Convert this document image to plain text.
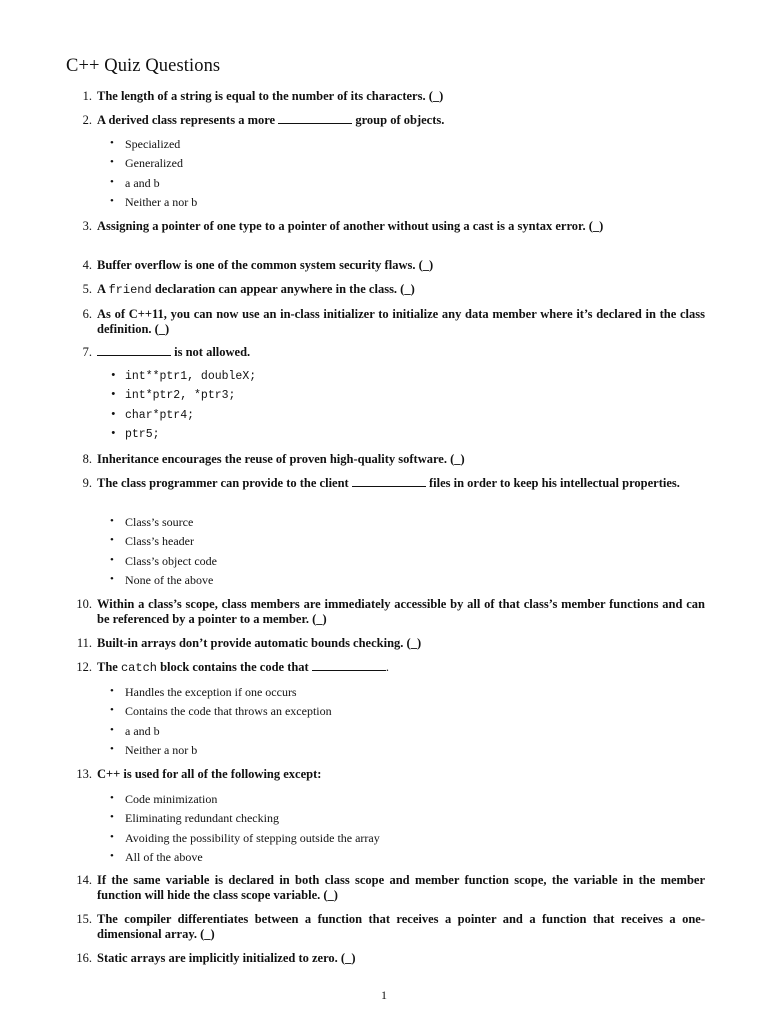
C++ Quiz Questions
1. The length of a string is equal to the number of its characters. (_)
2. A derived class represents a more	group of objects.
• Specialized
• Generalized
• a and b
• Neither a nor b
3. Assigning a pointer of one type to a pointer of another without using a cast is a syntax error. (_)
4. Buffer overflow is one of the common system security flaws. (_)
5. A friend declaration can appear anywhere in the class. (_)
6. As of C++11, you can now use an in-class initializer to initialize any data member where it’s declared in the class definition. (_)
7.	is not allowed.
• int**ptr1, doubleX;
• int*ptr2, *ptr3;
• char*ptr4;
• ptr5;
8. Inheritance encourages the reuse of proven high-quality software. (_)
9. The class programmer can provide to the client	files in order to keep his intellectual properties.
• Class’s source
• Class’s header
• Class’s object code
• None of the above
10. Within a class’s scope, class members are immediately accessible by all of that class’s member functions and can be referenced by a pointer to a member. (_)
11. Built-in arrays don’t provide automatic bounds checking. (_)
12. The catch block contains the code that	.
• Handles the exception if one occurs
• Contains the code that throws an exception
• a and b
• Neither a nor b
13. C++ is used for all of the following except:
• Code minimization
• Eliminating redundant checking
• Avoiding the possibility of stepping outside the array
• All of the above
14. If the same variable is declared in both class scope and member function scope, the variable in the member function will hide the class scope variable. (_)
15. The compiler differentiates between a function that receives a pointer and a function that receives a one-dimensional array. (_)
16. Static arrays are implicitly initialized to zero. (_)
1
